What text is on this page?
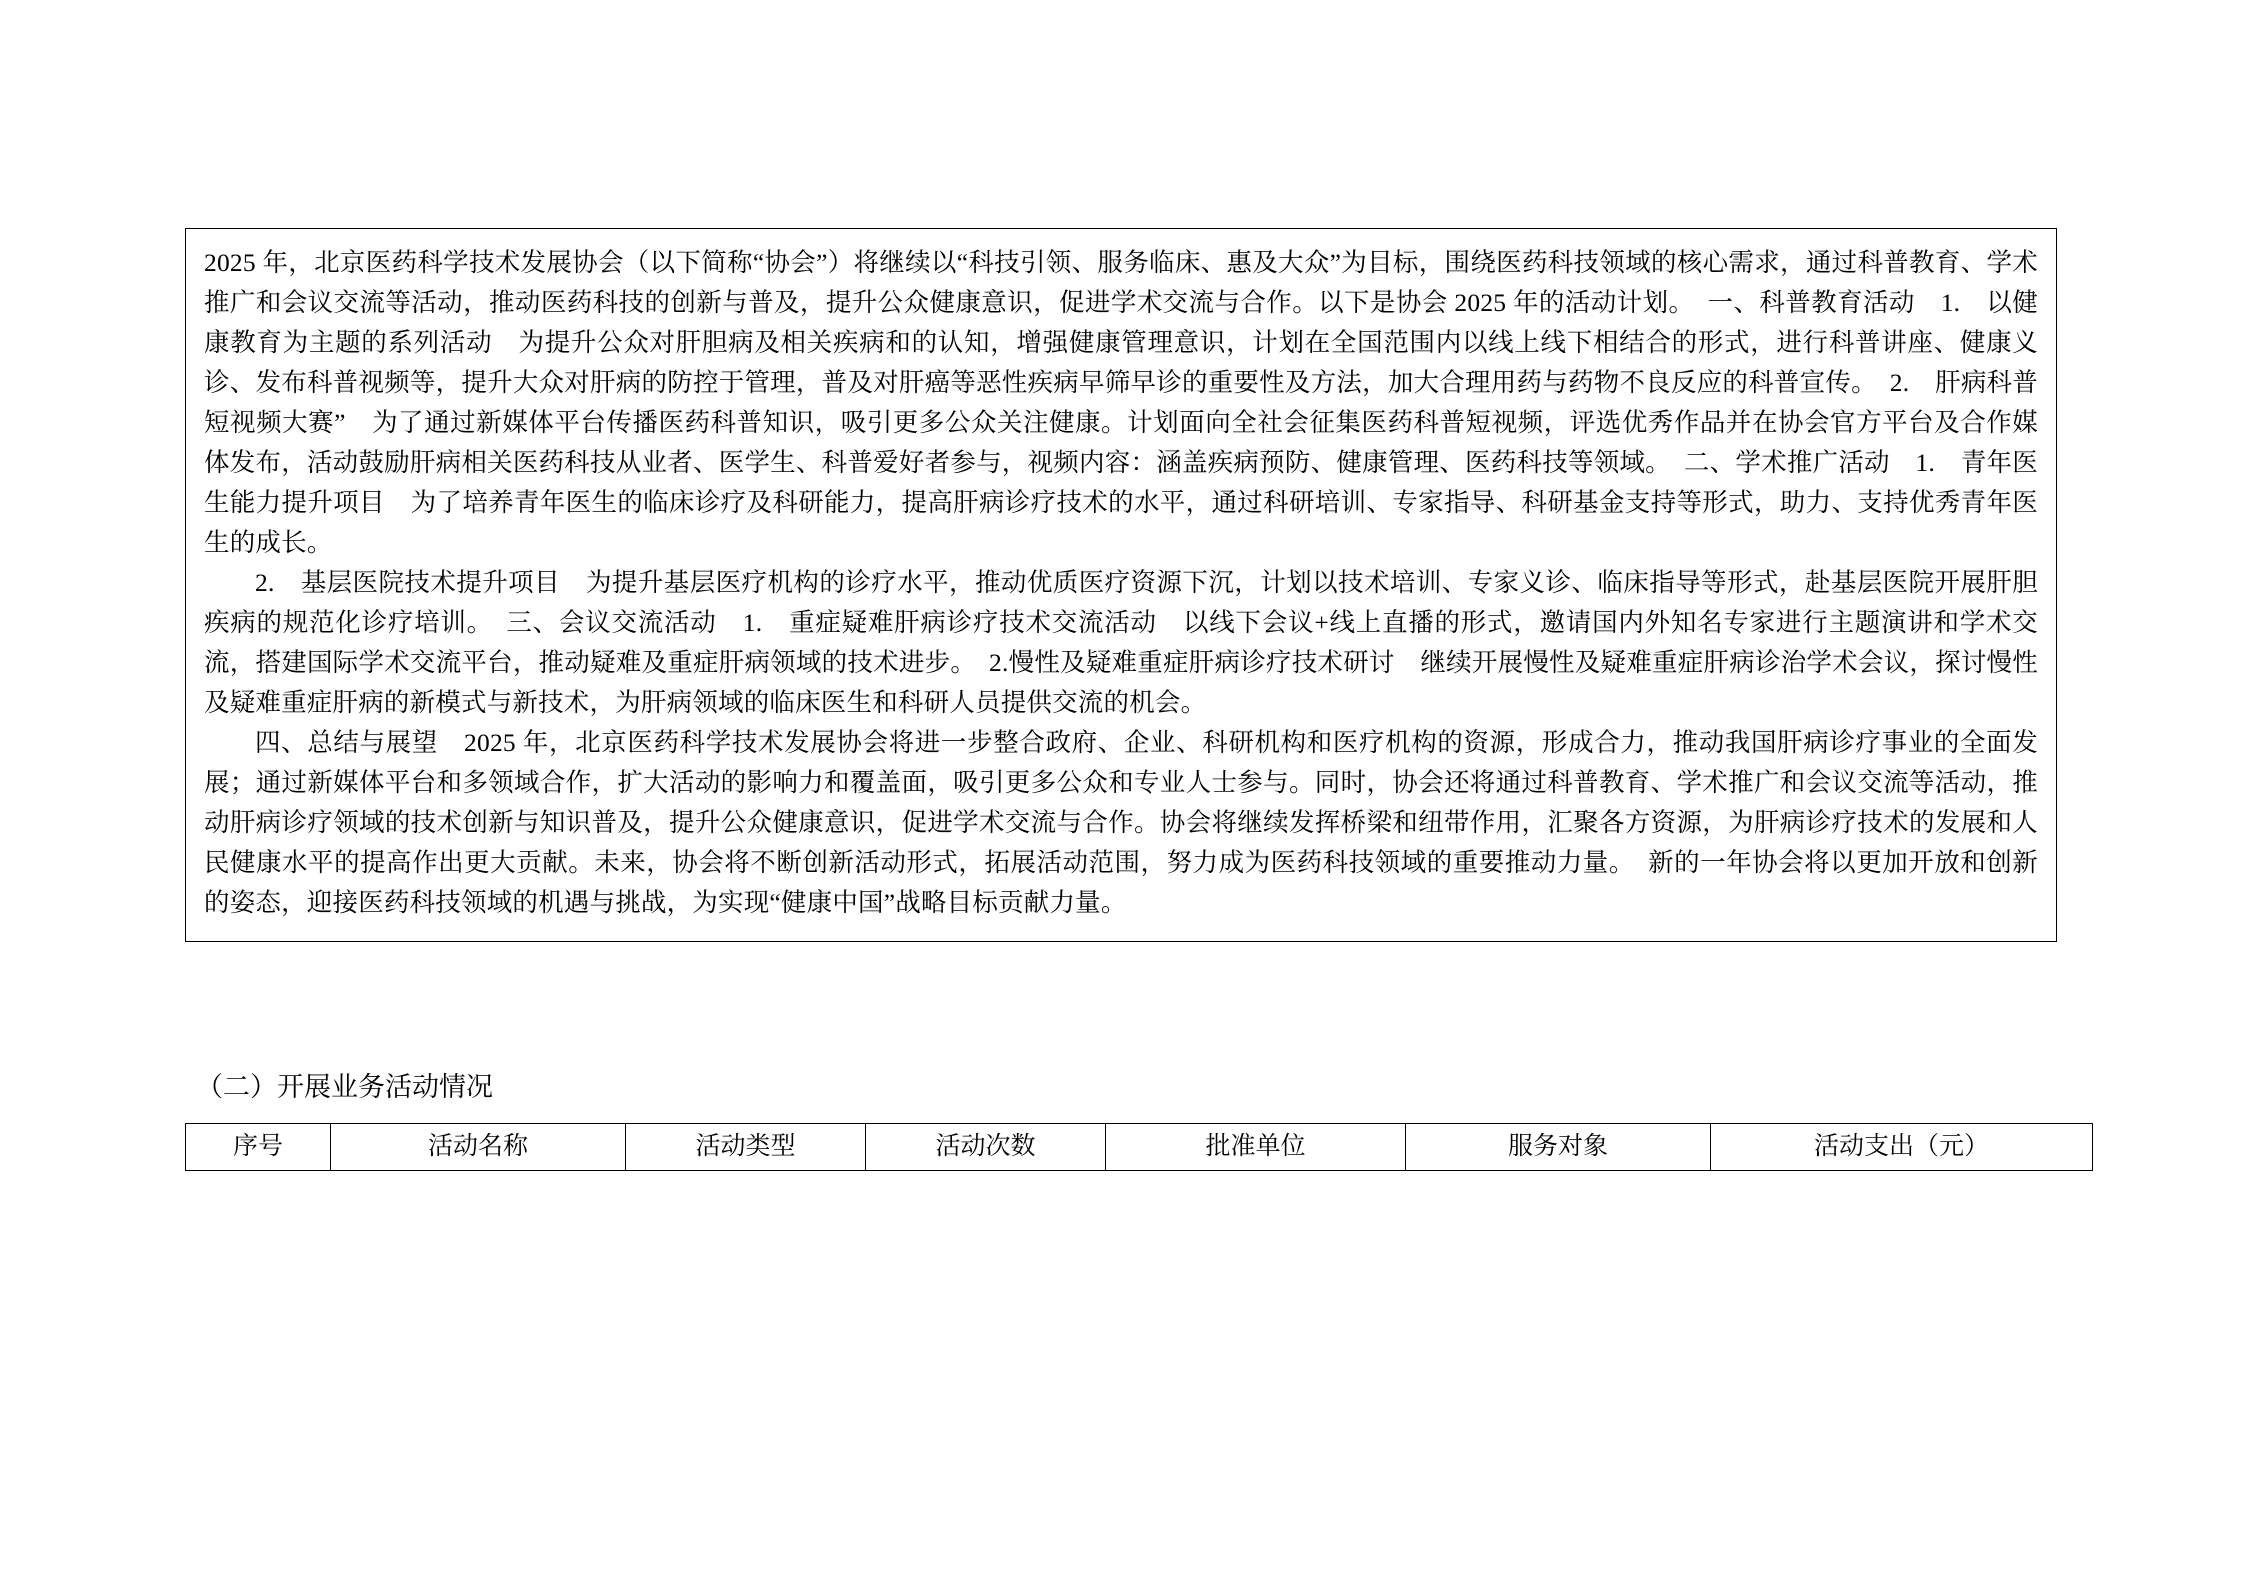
2025 年，北京医药科学技术发展协会（以下简称“协会”）将继续以“科技引领、服务临床、惠及大众”为目标，围绕医药科技领域的核心需求，通过科普教育、学术推广和会议交流等活动，推动医药科技的创新与普及，提升公众健康意识，促进学术交流与合作。以下是协会 2025 年的活动计划。　一、科普教育活动　1.　以健康教育为主题的系列活动　为提升公众对肝胆病及相关疾病和的认知，增强健康管理意识，计划在全国范围内以线上线下相结合的形式，进行科普讲座、健康义诊、发布科普视频等，提升大众对肝病的防控于管理，普及对肝癌等恶性疾病早筛早诊的重要性及方法，加大合理用药与药物不良反应的科普宣传。　2.　肝病科普短视频大赛”　为了通过新媒体平台传播医药科普知识，吸引更多公众关注健康。计划面向全社会征集医药科普短视频，评选优秀作品并在协会官方平台及合作媒体发布，活动鼓励肝病相关医药科技从业者、医学生、科普爱好者参与，视频内容：涵盖疾病预防、健康管理、医药科技等领域。　二、学术推广活动　1.　青年医生能力提升项目　为了培养青年医生的临床诊疗及科研能力，提高肝病诊疗技术的水平，通过科研培训、专家指导、科研基金支持等形式，助力、支持优秀青年医生的成长。

2.　基层医院技术提升项目　为提升基层医疗机构的诊疗水平，推动优质医疗资源下沉，计划以技术培训、专家义诊、临床指导等形式，赴基层医院开展肝胆疾病的规范化诊疗培训。　三、会议交流活动　1.　重症疑难肝病诊疗技术交流活动　以线下会议+线上直播的形式，邀请国内外知名专家进行主题演讲和学术交流，搭建国际学术交流平台，推动疑难及重症肝病领域的技术进步。　2.慢性及疑难重症肝病诊疗技术研讨　继续开展慢性及疑难重症肝病诊治学术会议，探讨慢性　及疑难重症肝病的新模式与新技术，为肝病领域的临床医生和科研人员提供交流的机会。

四、总结与展望　2025 年，北京医药科学技术发展协会将进一步整合政府、企业、科研机构和医疗机构的资源，形成合力，推动我国肝病诊疗事业的全面发展；通过新媒体平台和多领域合作，扩大活动的影响力和覆盖面，吸引更多公众和专业人士参与。同时，协会还将通过科普教育、学术推广和会议交流等活动，推动肝病诊疗领域的技术创新与知识普及，提升公众健康意识，促进学术交流与合作。协会将继续发挥桥梁和纽带作用，汇聚各方资源，为肝病诊疗技术的发展和人民健康水平的提高作出更大贡献。未来，协会将不断创新活动形式，拓展活动范围，努力成为医药科技领域的重要推动力量。　新的一年协会将以更加开放和创新的姿态，迎接医药科技领域的机遇与挑战，为实现“健康中国”战略目标贡献力量。

（二）开展业务活动情况
序号	活动名称	活动类型	活动次数	批准单位	服务对象	活动支出（元）
